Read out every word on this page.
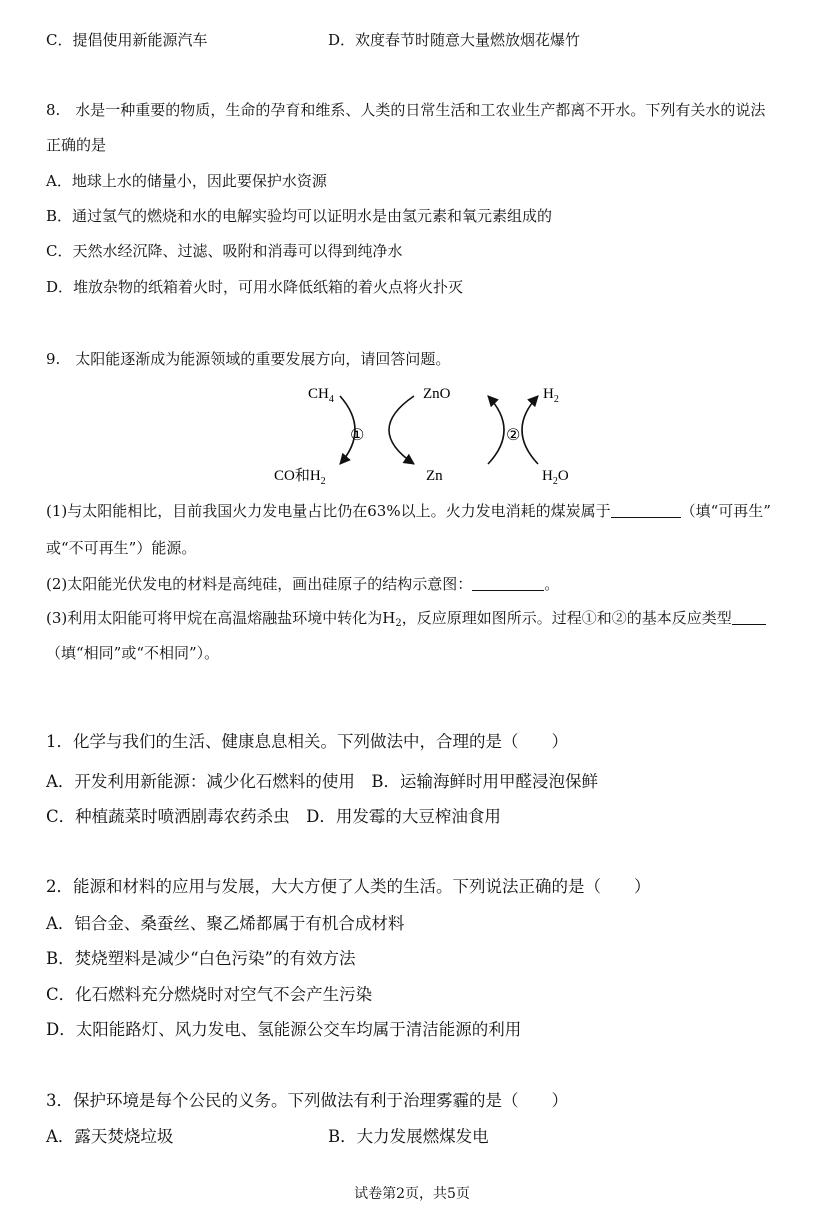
C．提倡使用新能源汽车	D．欢度春节时随意大量燃放烟花爆竹
8.　水是一种重要的物质，生命的孕育和维系、人类的日常生活和工农业生产都离不开水。下列有关水的说法
正确的是
A．地球上水的储量小，因此要保护水资源
B．通过氢气的燃烧和水的电解实验均可以证明水是由氢元素和氧元素组成的
C．天然水经沉降、过滤、吸附和消毒可以得到纯净水
D．堆放杂物的纸箱着火时，可用水降低纸箱的着火点将火扑灭
9.　太阳能逐渐成为能源领域的重要发展方向，请回答问题。
$CH_4$	ZnO	$H_2$
①	②
CO和$H_2$	Zn	$H_2O$
(1)与太阳能相比，目前我国火力发电量占比仍在63%以上。火力发电消耗的煤炭属于	（填“可再生”
或“不可再生”）能源。
(2)太阳能光伏发电的材料是高纯硅，画出硅原子的结构示意图：	。
(3)利用太阳能可将甲烷在高温熔融盐环境中转化为$H_2$，反应原理如图所示。过程①和②的基本反应类型
（填“相同”或“不相同”）。
1．化学与我们的生活、健康息息相关。下列做法中，合理的是（　　）
A．开发利用新能源：减少化石燃料的使用　B．运输海鲜时用甲醛浸泡保鲜
C．种植蔬菜时喷洒剧毒农药杀虫　D．用发霉的大豆榨油食用
2．能源和材料的应用与发展，大大方便了人类的生活。下列说法正确的是（　　）
A．铝合金、桑蚕丝、聚乙烯都属于有机合成材料
B．焚烧塑料是减少“白色污染”的有效方法
C．化石燃料充分燃烧时对空气不会产生污染
D．太阳能路灯、风力发电、氢能源公交车均属于清洁能源的利用
3．保护环境是每个公民的义务。下列做法有利于治理雾霾的是（　　）
A．露天焚烧垃圾	B．大力发展燃煤发电
试卷第2页，共5页
